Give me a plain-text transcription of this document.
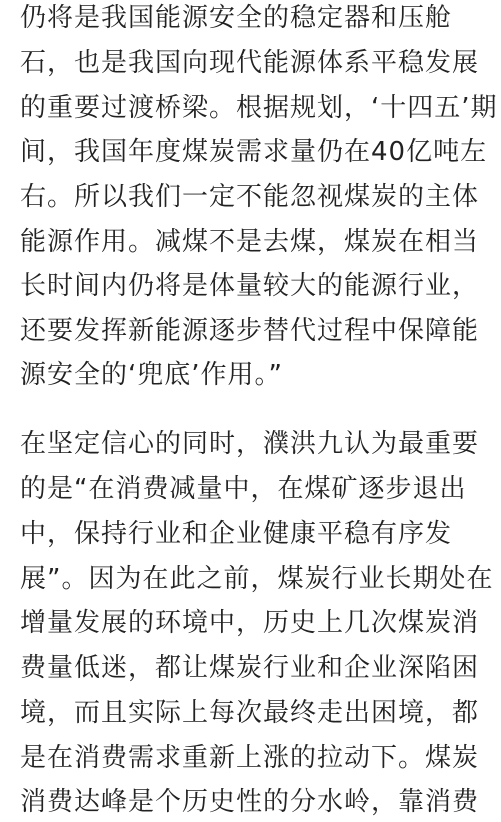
仍将是我国能源安全的稳定器和压舱
石，也是我国向现代能源体系平稳发展
的重要过渡桥梁。根据规划，‘十四五’期
间，我国年度煤炭需求量仍在40亿吨左
右。所以我们一定不能忽视煤炭的主体
能源作用。减煤不是去煤，煤炭在相当
长时间内仍将是体量较大的能源行业，
还要发挥新能源逐步替代过程中保障能
源安全的‘兜底’作用。”
在坚定信心的同时，濮洪九认为最重要
的是“在消费减量中，在煤矿逐步退出
中，保持行业和企业健康平稳有序发
展”。因为在此之前，煤炭行业长期处在
增量发展的环境中，历史上几次煤炭消
费量低迷，都让煤炭行业和企业深陷困
境，而且实际上每次最终走出困境，都
是在消费需求重新上涨的拉动下。煤炭
消费达峰是个历史性的分水岭，靠消费
